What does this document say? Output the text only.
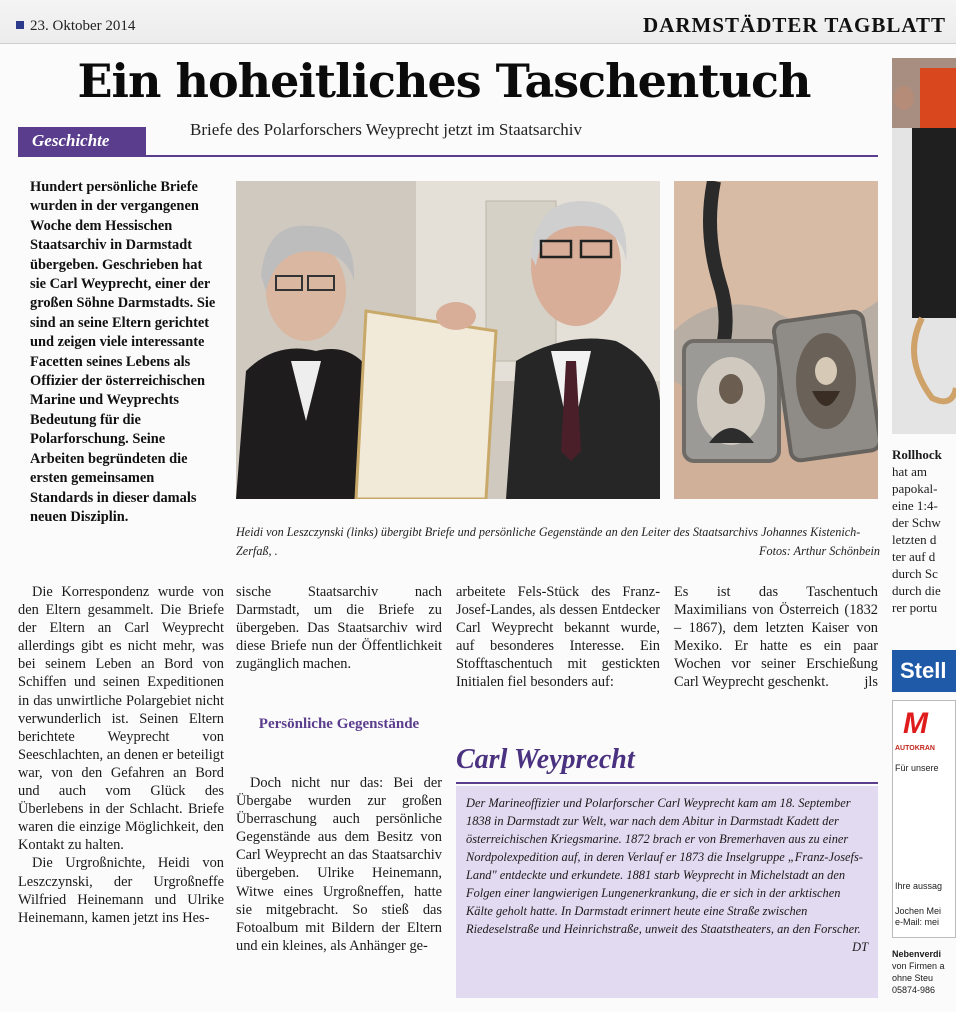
23. Oktober 2014	DARMSTÄDTER TAGBLATT
Ein hoheitliches Taschentuch
Geschichte
Briefe des Polarforschers Weyprecht jetzt im Staatsarchiv
Hundert persönliche Briefe wurden in der vergangenen Woche dem Hessischen Staatsarchiv in Darmstadt übergeben. Geschrieben hat sie Carl Weyprecht, einer der großen Söhne Darmstadts. Sie sind an seine Eltern gerichtet und zeigen viele interessante Facetten seines Lebens als Offizier der österreichischen Marine und Weyprechts Bedeutung für die Polarforschung. Seine Arbeiten begründeten die ersten gemeinsamen Standards in dieser damals neuen Disziplin.
Heidi von Leszczynski (links) übergibt Briefe und persönliche Gegenstände an den Leiter des Staatsarchivs Johannes Kistenich-Zerfaß, .	Fotos: Arthur Schönbein

Die Korrespondenz wurde von den Eltern gesammelt. Die Briefe der Eltern an Carl Weyprecht allerdings gibt es nicht mehr, was bei seinem Leben an Bord von Schiffen und seinen Expeditionen in das unwirtliche Polargebiet nicht verwunderlich ist. Seinen Eltern berichtete Weyprecht von Seeschlachten, an denen er beteiligt war, von den Gefahren an Bord und auch vom Glück des Überlebens in der Schlacht. Briefe waren die einzige Möglichkeit, den Kontakt zu halten.

Die Urgroßnichte, Heidi von Leszczynski, der Urgroßneffe Wilfried Heinemann und Ulrike Heinemann, kamen jetzt ins Hes-

sische Staatsarchiv nach Darmstadt, um die Briefe zu übergeben. Das Staatsarchiv wird diese Briefe nun der Öffentlichkeit zugänglich machen.

Persönliche Gegenstände

Doch nicht nur das: Bei der Übergabe wurden zur großen Überraschung auch persönliche Gegenstände aus dem Besitz von Carl Weyprecht an das Staatsarchiv übergeben. Ulrike Heinemann, Witwe eines Urgroßneffen, hatte sie mitgebracht. So stieß das Fotoalbum mit Bildern der Eltern und ein kleines, als Anhänger ge-

arbeitete Fels-Stück des Franz-Josef-Landes, als dessen Entdecker Carl Weyprecht bekannt wurde, auf besonderes Interesse. Ein Stofftaschentuch mit gestickten Initialen fiel besonders auf:

Es ist das Taschentuch Maximilians von Österreich (1832 – 1867), dem letzten Kaiser von Mexiko. Er hatte es ein paar Wochen vor seiner Erschießung Carl Weyprecht geschenkt. jls

Carl Weyprecht
Der Marineoffizier und Polarforscher Carl Weyprecht kam am 18. September 1838 in Darmstadt zur Welt, war nach dem Abitur in Darmstadt Kadett der österreichischen Kriegsmarine. 1872 brach er von Bremerhaven aus zu einer Nordpolexpedition auf, in deren Verlauf er 1873 die Inselgruppe „Franz-Josefs-Land" entdeckte und erkundete. 1881 starb Weyprecht in Michelstadt an den Folgen einer langwierigen Lungenerkrankung, die er sich in der arktischen Kälte geholt hatte. In Darmstadt erinnert heute eine Straße zwischen Riedeselstraße und Heinrichstraße, unweit des Staatstheaters, an den Forscher.
DT
Rollhock
hat am
papokal-
eine 1:4-
der Schw
letzten d
ter auf d
durch Sc
durch die
rer portu
Stell
M
AUTOKRAN
Für unsere
Ihre aussag
Jochen Mei
e-Mail: mei
Nebenverdi
von Firmen a
ohne Steu
05874-986
